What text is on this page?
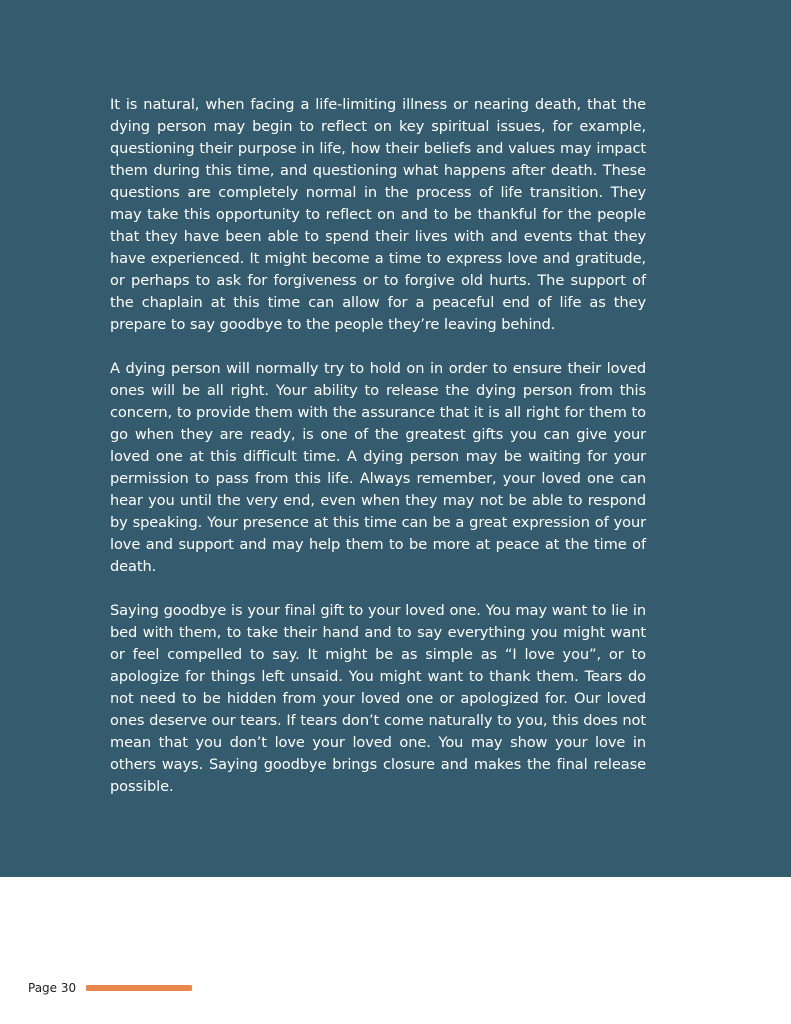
It is natural, when facing a life-limiting illness or nearing death, that the dying person may begin to reflect on key spiritual issues, for example, questioning their purpose in life, how their beliefs and values may impact them during this time, and questioning what happens after death. These questions are completely normal in the process of life transition. They may take this opportunity to reflect on and to be thankful for the people that they have been able to spend their lives with and events that they have experienced. It might become a time to express love and gratitude, or perhaps to ask for forgiveness or to forgive old hurts. The support of the chaplain at this time can allow for a peaceful end of life as they prepare to say goodbye to the people they’re leaving behind.

A dying person will normally try to hold on in order to ensure their loved ones will be all right. Your ability to release the dying person from this concern, to provide them with the assurance that it is all right for them to go when they are ready, is one of the greatest gifts you can give your loved one at this difficult time. A dying person may be waiting for your permission to pass from this life. Always remember, your loved one can hear you until the very end, even when they may not be able to respond by speaking. Your presence at this time can be a great expression of your love and support and may help them to be more at peace at the time of death.

Saying goodbye is your final gift to your loved one. You may want to lie in bed with them, to take their hand and to say everything you might want or feel compelled to say. It might be as simple as “I love you”, or to apologize for things left unsaid. You might want to thank them. Tears do not need to be hidden from your loved one or apologized for. Our loved ones deserve our tears. If tears don’t come naturally to you, this does not mean that you don’t love your loved one. You may show your love in others ways. Saying goodbye brings closure and makes the final release possible.

Page 30
